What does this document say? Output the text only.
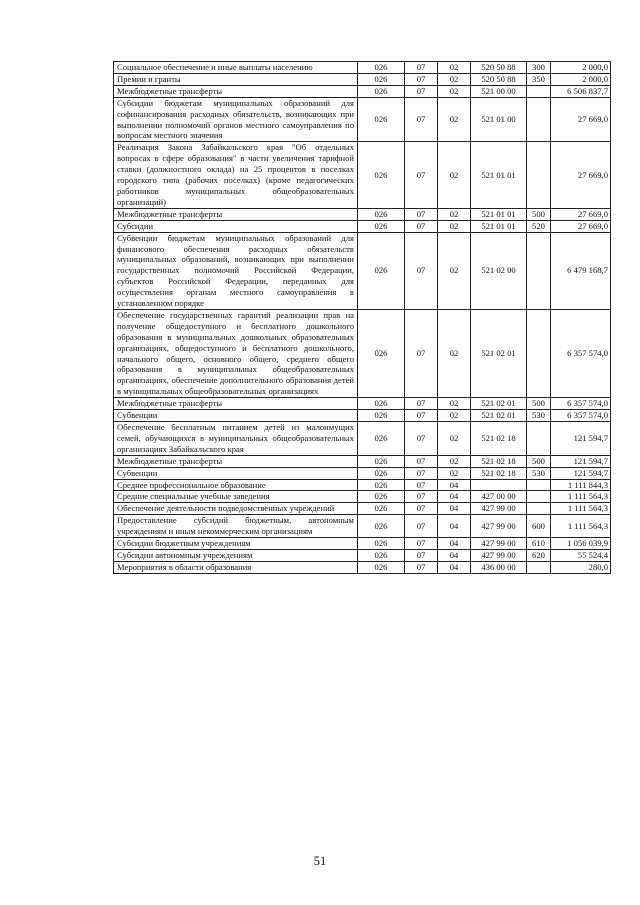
Социальное обеспечение и иные выплаты населению	026	07	02	520 50 88	300	2 000,0
Премии и гранты	026	07	02	520 50 88	350	2 000,0
Межбюджетные трансферты	026	07	02	521 00 00		6 506 837,7
Субсидии бюджетам муниципальных образований для софинансирования расходных обязательств, возникающих при выполнении полномочий органов местного самоуправления по вопросам местного значения	026	07	02	521 01 00		27 669,0
Реализация Закона Забайкальского края "Об отдельных вопросах в сфере образования" в части увеличения тарифной ставки (должностного оклада) на 25 процентов в поселках городского типа (рабочих поселках) (кроме педагогических работников муниципальных общеобразовательных организаций)	026	07	02	521 01 01		27 669,0
Межбюджетные трансферты	026	07	02	521 01 01	500	27 669,0
Субсидии	026	07	02	521 01 01	520	27 669,0
Субвенции бюджетам муниципальных образований для финансового обеспечения расходных обязательств муниципальных образований, возникающих при выполнении государственных полномочий Российской Федерации, субъектов Российской Федерации, переданных для осуществления органам местного самоуправления в установленном порядке	026	07	02	521 02 00		6 479 168,7
Обеспечение государственных гарантий реализации прав на получение общедоступного и бесплатного дошкольного образования в муниципальных дошкольных образовательных организациях, общедоступного и бесплатного дошкольного, начального общего, основного общего, среднего общего образования в муниципальных общеобразовательных организациях, обеспечение дополнительного образования детей в муниципальных общеобразовательных организациях	026	07	02	521 02 01		6 357 574,0
Межбюджетные трансферты	026	07	02	521 02 01	500	6 357 574,0
Субвенции	026	07	02	521 02 01	530	6 357 574,0
Обеспечение бесплатным питанием детей из малоимущих семей, обучающихся в муниципальных общеобразовательных организациях Забайкальского края	026	07	02	521 02 18		121 594,7
Межбюджетные трансферты	026	07	02	521 02 18	500	121 594,7
Субвенции	026	07	02	521 02 18	530	121 594,7
Среднее профессиональное образование	026	07	04			1 111 844,3
Средние специальные учебные заведения	026	07	04	427 00 00		1 111 564,3
Обеспечение деятельности подведомственных учреждений	026	07	04	427 99 00		1 111 564,3
Предоставление субсидий бюджетным, автономным учреждениям и иным некоммерческим организациям	026	07	04	427 99 00	600	1 111 564,3
Субсидии бюджетным учреждениям	026	07	04	427 99 00	610	1 056 039,9
Субсидии автономным учреждениям	026	07	04	427 99 00	620	55 524,4
Мероприятия в области образования	026	07	04	436 00 00		280,0
51
